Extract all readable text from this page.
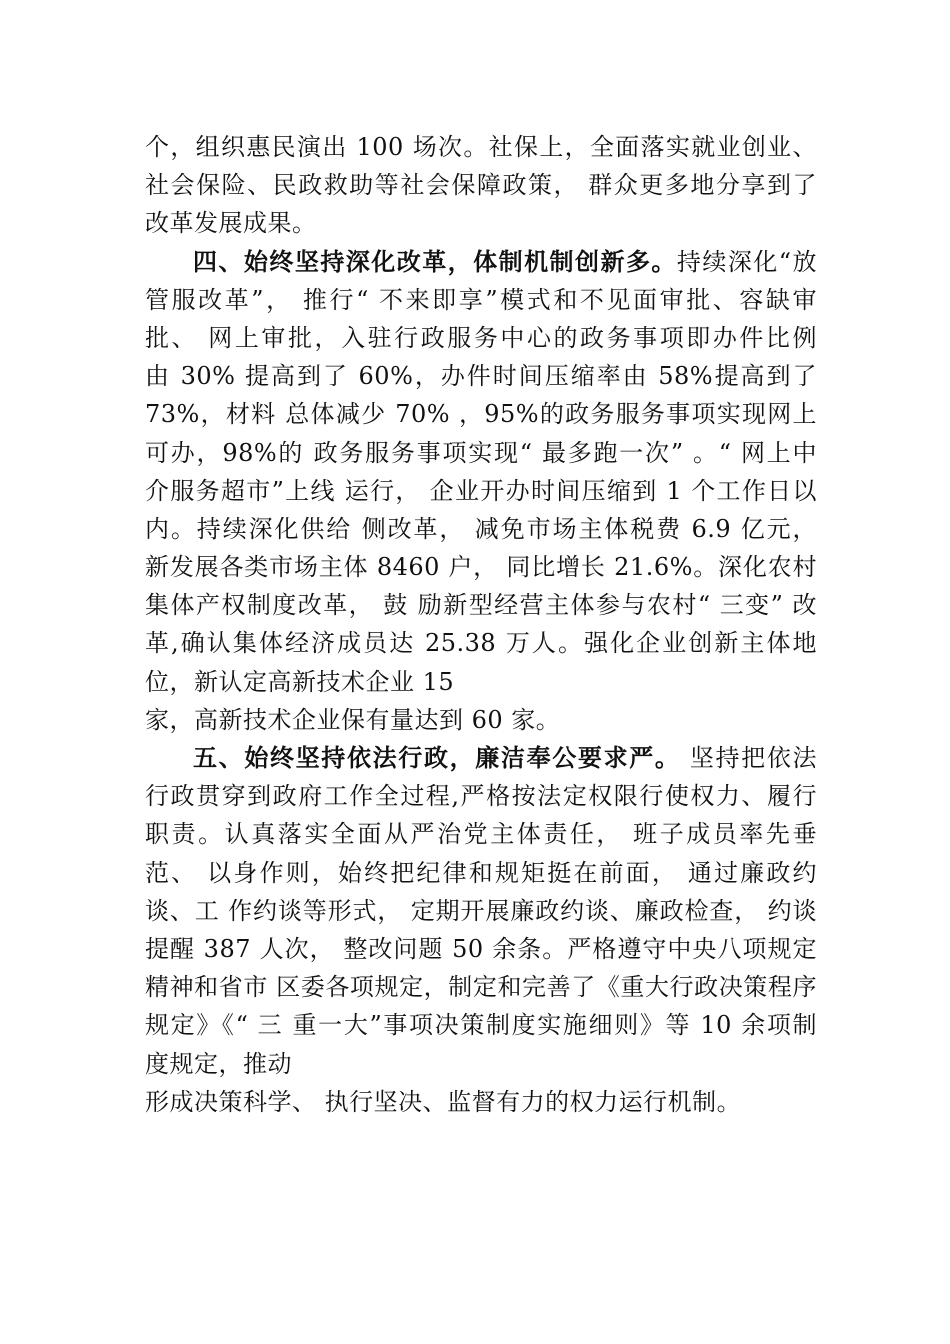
个，组织惠民演出 100 场次。社保上，全面落实就业创业、
社会保险、民政救助等社会保障政策， 群众更多地分享到了
改革发展成果。
四、始终坚持深化改革，体制机制创新多。持续深化“放
管服改革”， 推行“ 不来即享”模式和不见面审批、容缺审
批、 网上审批，入驻行政服务中心的政务事项即办件比例
由 30% 提高到了 60%，办件时间压缩率由 58%提高到了
73%，材料 总体减少 70% ，95%的政务服务事项实现网上
可办，98%的 政务服务事项实现“ 最多跑一次” 。“ 网上中
介服务超市”上线 运行， 企业开办时间压缩到 1 个工作日以
内。持续深化供给 侧改革， 减免市场主体税费 6.9 亿元，
新发展各类市场主体 8460 户， 同比增长 21.6%。深化农村
集体产权制度改革， 鼓 励新型经营主体参与农村“ 三变” 改
革,确认集体经济成员达 25.38 万人。强化企业创新主体地
位，新认定高新技术企业 15
家，高新技术企业保有量达到 60 家。
五、始终坚持依法行政，廉洁奉公要求严。 坚持把依法
行政贯穿到政府工作全过程,严格按法定权限行使权力、履行
职责。认真落实全面从严治党主体责任， 班子成员率先垂
范、 以身作则，始终把纪律和规矩挺在前面， 通过廉政约
谈、工 作约谈等形式， 定期开展廉政约谈、廉政检查， 约谈
提醒 387 人次， 整改问题 50 余条。严格遵守中央八项规定
精神和省市 区委各项规定，制定和完善了《重大行政决策程序
规定》《“ 三 重一大”事项决策制度实施细则》等 10 余项制
度规定，推动
形成决策科学、 执行坚决、监督有力的权力运行机制。
